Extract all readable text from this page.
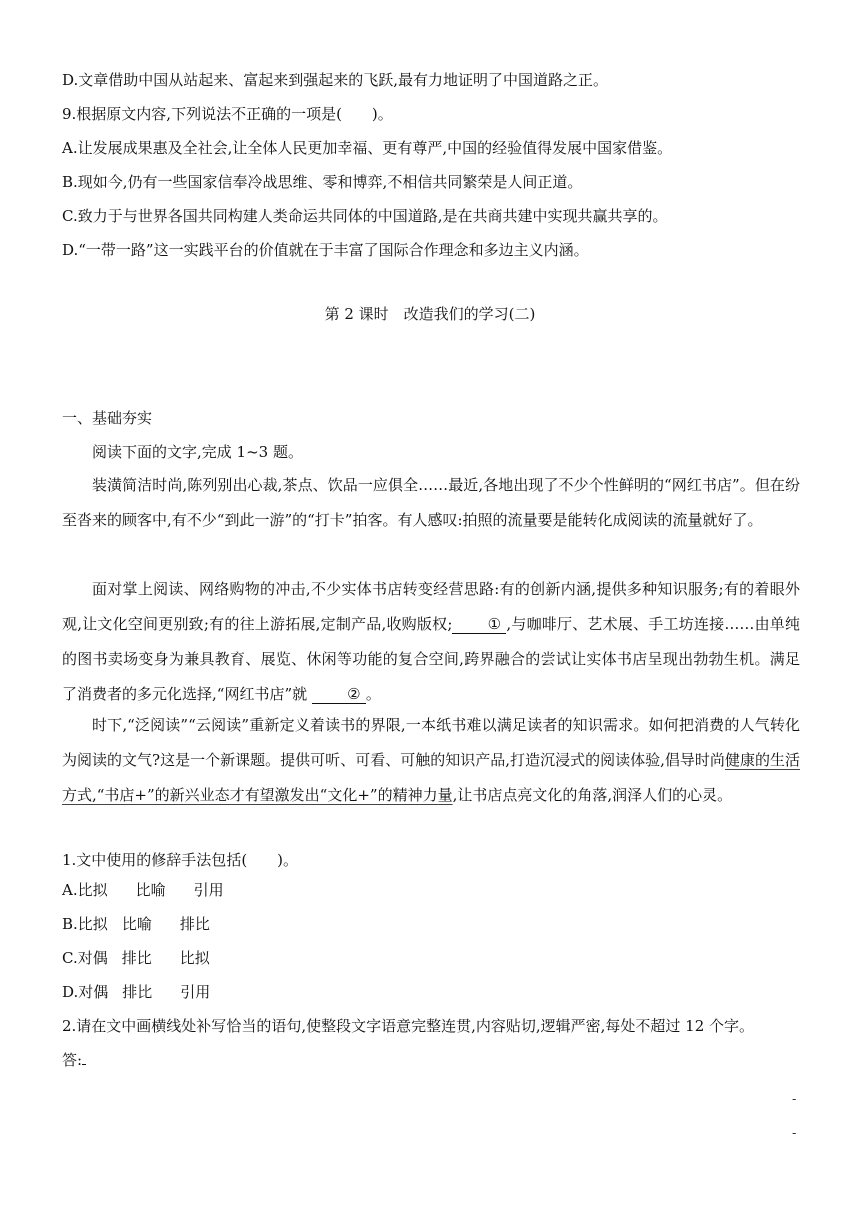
D.文章借助中国从站起来、富起来到强起来的飞跃,最有力地证明了中国道路之正。
9.根据原文内容,下列说法不正确的一项是(　　)。
A.让发展成果惠及全社会,让全体人民更加幸福、更有尊严,中国的经验值得发展中国家借鉴。
B.现如今,仍有一些国家信奉冷战思维、零和博弈,不相信共同繁荣是人间正道。
C.致力于与世界各国共同构建人类命运共同体的中国道路,是在共商共建中实现共赢共享的。
D.“一带一路”这一实践平台的价值就在于丰富了国际合作理念和多边主义内涵。
第 2 课时　改造我们的学习(二)
一、基础夯实
阅读下面的文字,完成 1~3 题。
装潢简洁时尚,陈列别出心裁,茶点、饮品一应俱全……最近,各地出现了不少个性鲜明的“网红书店”。但在纷至沓来的顾客中,有不少“到此一游”的“打卡”拍客。有人感叹:拍照的流量要是能转化成阅读的流量就好了。
面对掌上阅读、网络购物的冲击,不少实体书店转变经营思路:有的创新内涵,提供多种知识服务;有的着眼外观,让文化空间更别致;有的往上游拓展,定制产品,收购版权; ① ,与咖啡厅、艺术展、手工坊连接……由单纯的图书卖场变身为兼具教育、展览、休闲等功能的复合空间,跨界融合的尝试让实体书店呈现出勃勃生机。满足了消费者的多元化选择,“网红书店”就 ② 。
时下,“泛阅读”“云阅读”重新定义着读书的界限,一本纸书难以满足读者的知识需求。如何把消费的人气转化为阅读的文气?这是一个新课题。提供可听、可看、可触的知识产品,打造沉浸式的阅读体验,倡导时尚健康的生活方式,“书店+”的新兴业态才有望激发出“文化+”的精神力量,让书店点亮文化的角落,润泽人们的心灵。
1.文中使用的修辞手法包括(　　)。
A.比拟 比喻 引用
B.比拟 比喻 排比
C.对偶 排比 比拟
D.对偶 排比 引用
2.请在文中画横线处补写恰当的语句,使整段文字语意完整连贯,内容贴切,逻辑严密,每处不超过 12 个字。
答:
-
-
